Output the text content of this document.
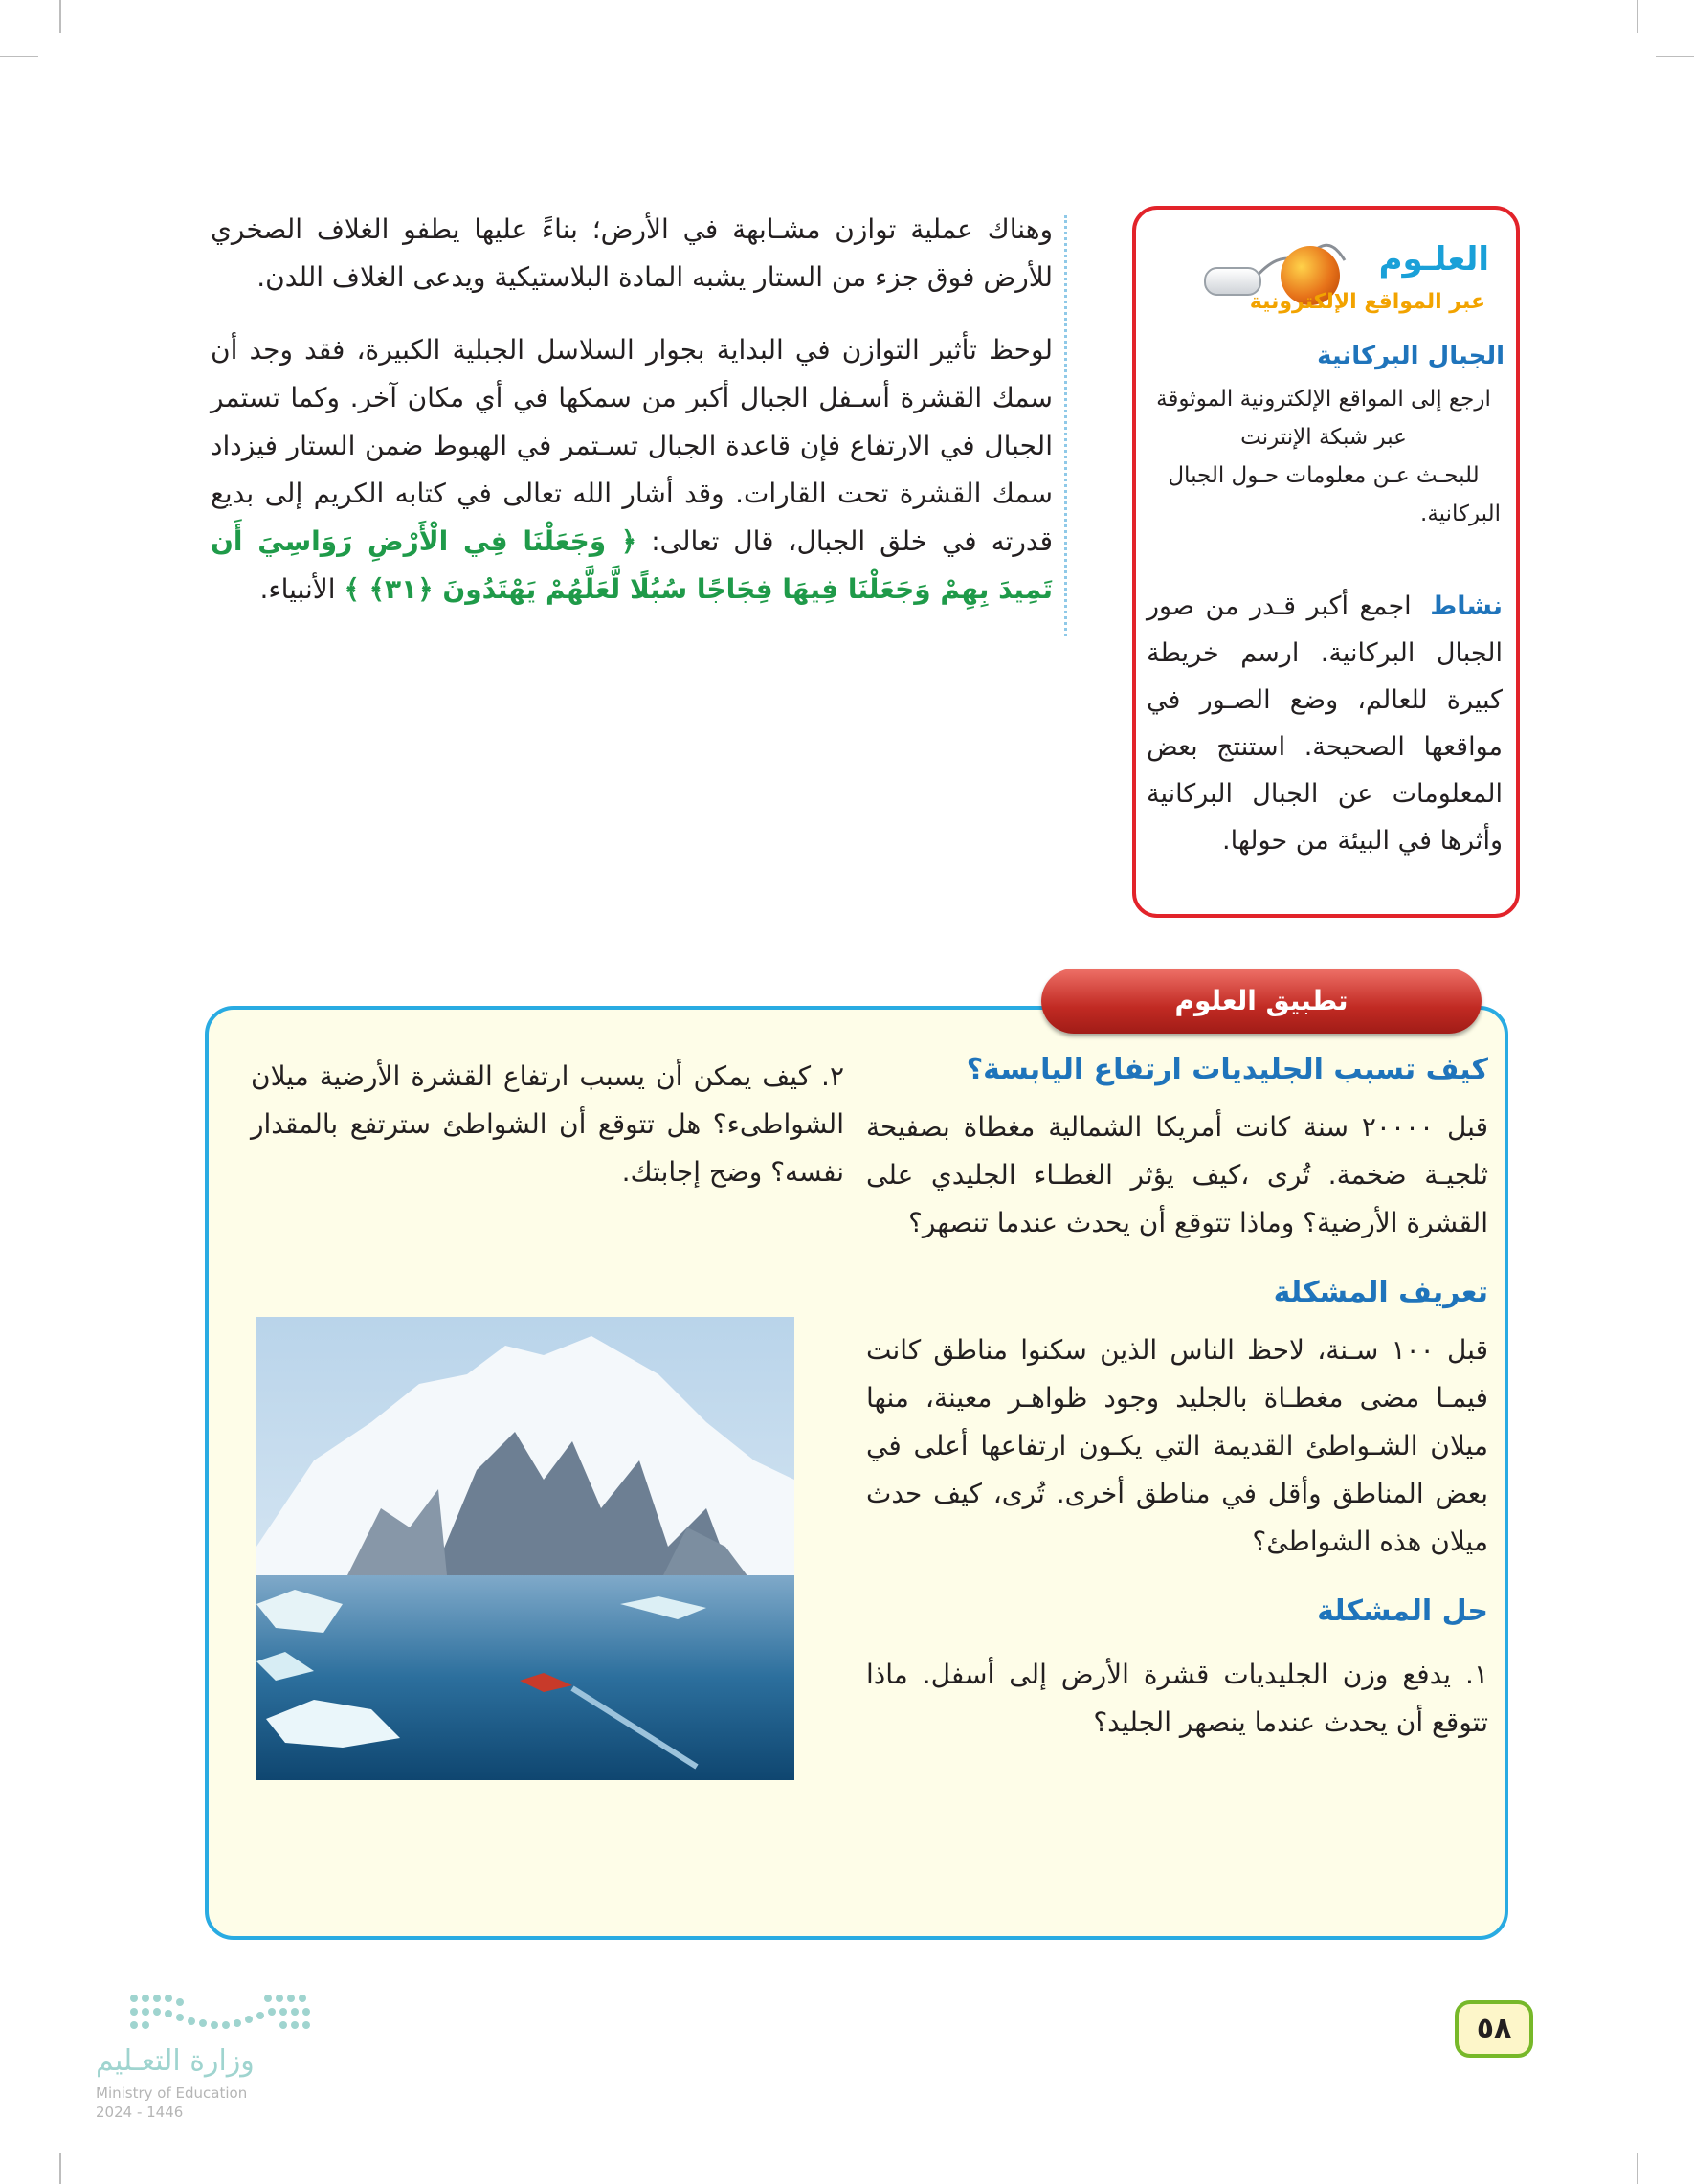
العلـوم
عبر المواقع الإلكترونية
الجبال البركانية
ارجع إلى المواقع الإلكترونية الموثوقة
عبر شبكة الإنترنت
للبحـث عـن معلومات حـول الجبال
البركانية.
نشاط اجمع أكبر قـدر من صور الجبال البركانية. ارسم خريطة كبيرة للعالم، وضع الصـور في مواقعها الصحيحة. استنتج بعض المعلومات عن الجبال البركانية وأثرها في البيئة من حولها.

وهناك عملية توازن مشـابهة في الأرض؛ بناءً عليها يطفو الغلاف الصخري للأرض فوق جزء من الستار يشبه المادة البلاستيكية ويدعى الغلاف اللدن.

لوحظ تأثير التوازن في البداية بجوار السلاسل الجبلية الكبيرة، فقد وجد أن سمك القشرة أسـفل الجبال أكبر من سمكها في أي مكان آخر. وكما تستمر الجبال في الارتفاع فإن قاعدة الجبال تسـتمر في الهبوط ضمن الستار فيزداد سمك القشرة تحت القارات. وقد أشار الله تعالى في كتابه الكريم إلى بديع قدرته في خلق الجبال، قال تعالى: ﴿ وَجَعَلْنَا فِي الْأَرْضِ رَوَاسِيَ أَن تَمِيدَ بِهِمْ وَجَعَلْنَا فِيهَا فِجَاجًا سُبُلًا لَّعَلَّهُمْ يَهْتَدُونَ ﴿٣١﴾ ﴾ الأنبياء.

تطبيق العلوم
كيف تسبب الجليديات ارتفاع اليابسة؟

قبل ٢٠٠٠٠ سنة كانت أمريكا الشمالية مغطاة بصفيحة ثلجيـة ضخمة. تُرى ،كيف يؤثر الغطـاء الجليدي على القشرة الأرضية؟ وماذا تتوقع أن يحدث عندما تنصهر؟

تعريف المشكلة

قبل ١٠٠ سـنة، لاحظ الناس الذين سكنوا مناطق كانت فيمـا مضى مغطـاة بالجليد وجود ظواهـر معينة، منها ميلان الشـواطئ القديمة التي يكـون ارتفاعها أعلى في بعض المناطق وأقل في مناطق أخرى. تُرى، كيف حدث ميلان هذه الشواطئ؟

حل المشكلة

١. يدفع وزن الجليديات قشرة الأرض إلى أسفل. ماذا تتوقع أن يحدث عندما ينصهر الجليد؟

٢. كيف يمكن أن يسبب ارتفاع القشرة الأرضية ميلان الشواطىء؟ هل تتوقع أن الشواطئ سترتفع بالمقدار نفسه؟ وضح إجابتك.
وزارة التعـليم
Ministry of Education
2024 - 1446
٥٨
